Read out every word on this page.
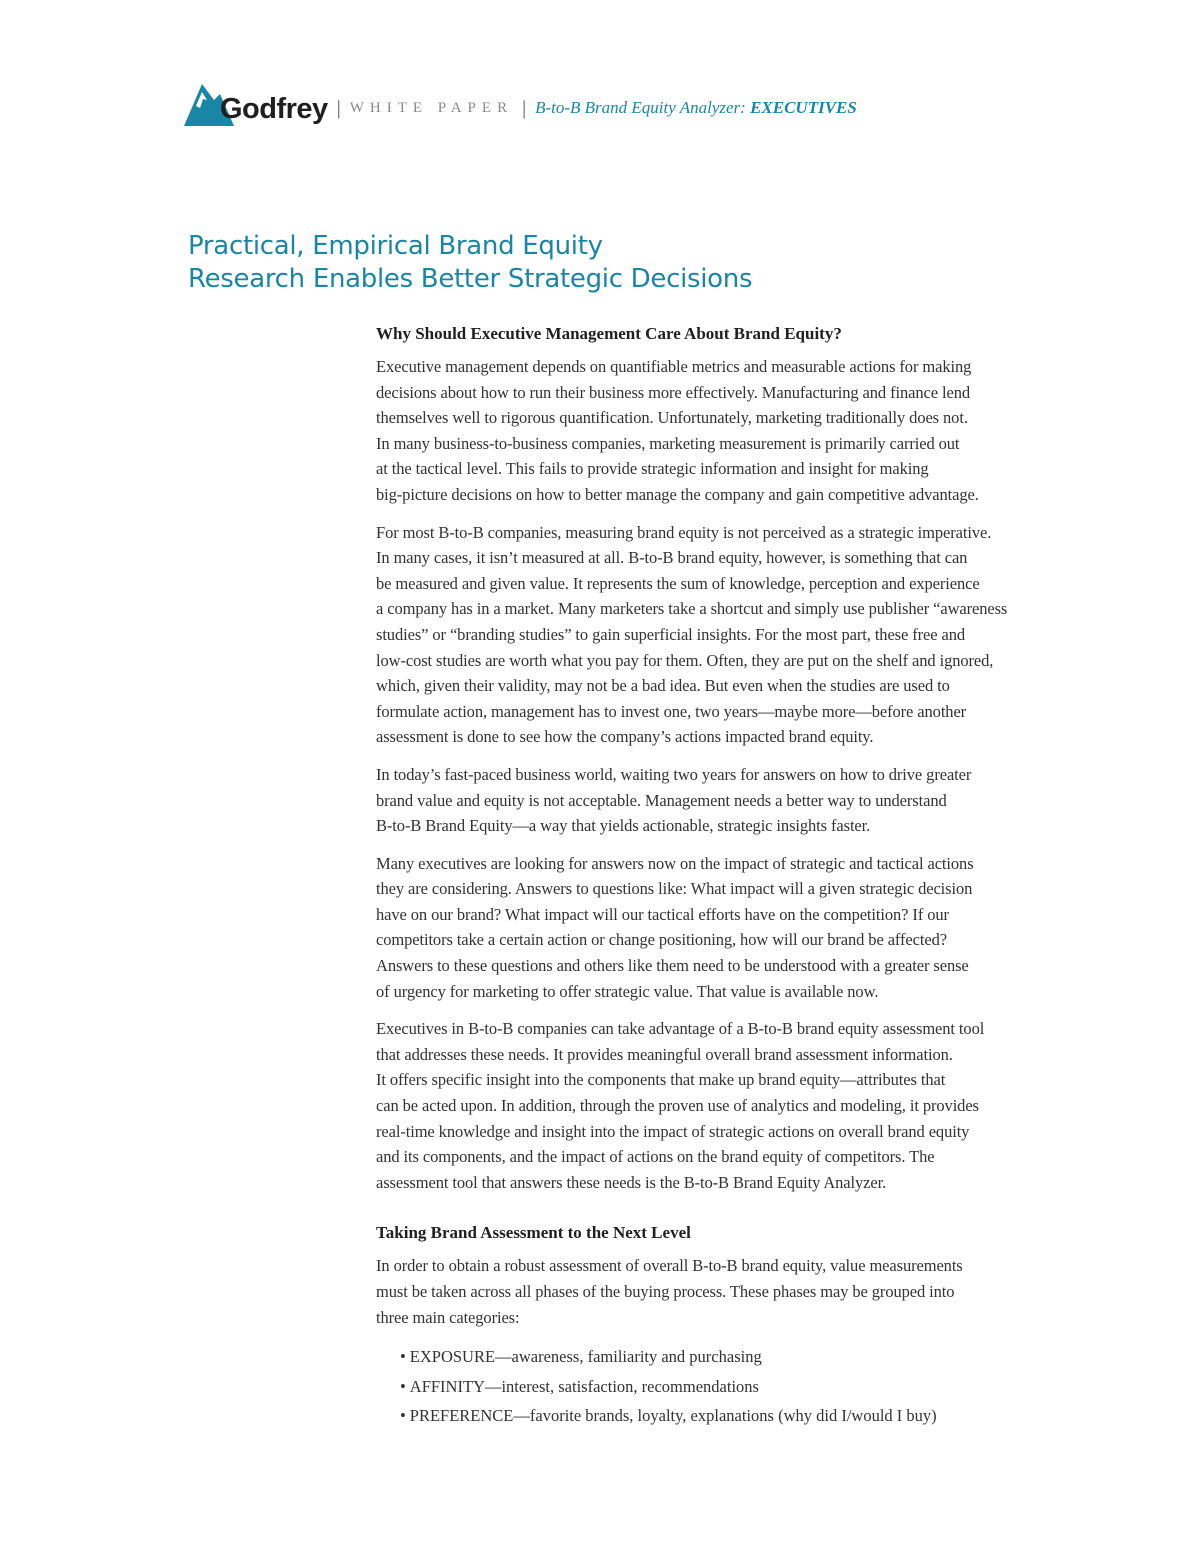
Godfrey | WHITE PAPER | B-to-B Brand Equity Analyzer: EXECUTIVES
Practical, Empirical Brand Equity
Research Enables Better Strategic Decisions
Why Should Executive Management Care About Brand Equity?

Executive management depends on quantifiable metrics and measurable actions for making
decisions about how to run their business more effectively. Manufacturing and finance lend
themselves well to rigorous quantification. Unfortunately, marketing traditionally does not.
In many business-to-business companies, marketing measurement is primarily carried out
at the tactical level. This fails to provide strategic information and insight for making
big-picture decisions on how to better manage the company and gain competitive advantage.

For most B-to-B companies, measuring brand equity is not perceived as a strategic imperative.
In many cases, it isn’t measured at all. B-to-B brand equity, however, is something that can
be measured and given value. It represents the sum of knowledge, perception and experience
a company has in a market. Many marketers take a shortcut and simply use publisher “awareness
studies” or “branding studies” to gain superficial insights. For the most part, these free and
low-cost studies are worth what you pay for them. Often, they are put on the shelf and ignored,
which, given their validity, may not be a bad idea. But even when the studies are used to
formulate action, management has to invest one, two years—maybe more—before another
assessment is done to see how the company’s actions impacted brand equity.

In today’s fast-paced business world, waiting two years for answers on how to drive greater
brand value and equity is not acceptable. Management needs a better way to understand
B-to-B Brand Equity—a way that yields actionable, strategic insights faster.

Many executives are looking for answers now on the impact of strategic and tactical actions
they are considering. Answers to questions like: What impact will a given strategic decision
have on our brand? What impact will our tactical efforts have on the competition? If our
competitors take a certain action or change positioning, how will our brand be affected?
Answers to these questions and others like them need to be understood with a greater sense
of urgency for marketing to offer strategic value. That value is available now.

Executives in B-to-B companies can take advantage of a B-to-B brand equity assessment tool
that addresses these needs. It provides meaningful overall brand assessment information.
It offers specific insight into the components that make up brand equity—attributes that
can be acted upon. In addition, through the proven use of analytics and modeling, it provides
real-time knowledge and insight into the impact of strategic actions on overall brand equity
and its components, and the impact of actions on the brand equity of competitors. The
assessment tool that answers these needs is the B-to-B Brand Equity Analyzer.

Taking Brand Assessment to the Next Level

In order to obtain a robust assessment of overall B-to-B brand equity, value measurements
must be taken across all phases of the buying process. These phases may be grouped into
three main categories:

• EXPOSURE—awareness, familiarity and purchasing
• AFFINITY—interest, satisfaction, recommendations
• PREFERENCE—favorite brands, loyalty, explanations (why did I/would I buy)
